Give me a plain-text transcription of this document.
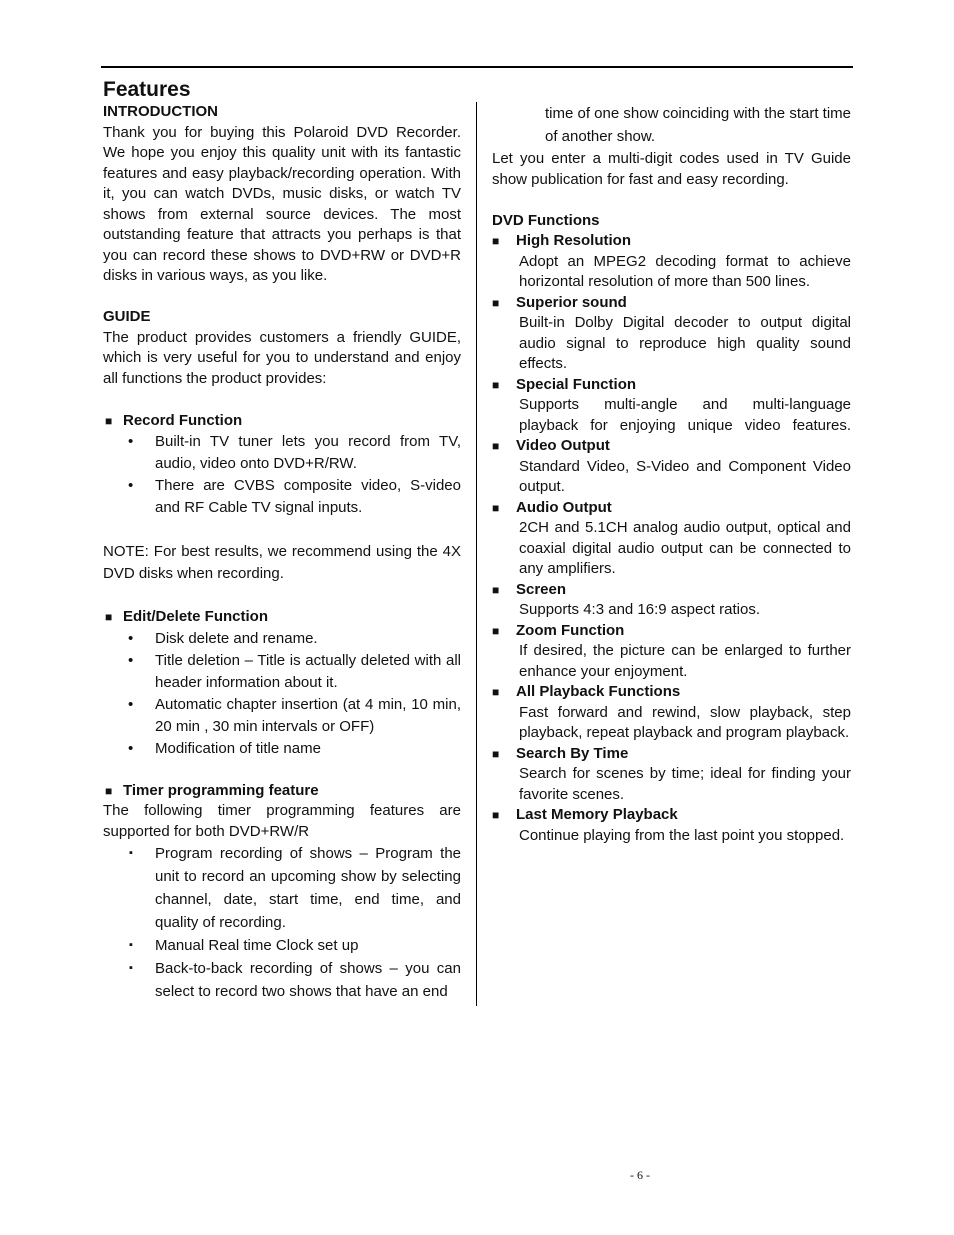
Features

INTRODUCTION

Thank you for buying this Polaroid DVD Recorder. We hope you enjoy this quality unit with its fantastic features and easy playback/recording operation. With it, you can watch DVDs, music disks, or watch TV shows from external source devices. The most outstanding feature that attracts you perhaps is that you can record these shows to DVD+RW or DVD+R disks in various ways, as you like.

GUIDE

The product provides customers a friendly GUIDE, which is very useful for you to understand and enjoy all functions the product provides:

■ Record Function
• Built-in TV tuner lets you record from TV, audio, video onto DVD+R/RW.
• There are CVBS composite video, S-video and RF Cable TV signal inputs.

NOTE: For best results, we recommend using the 4X DVD disks when recording.

■ Edit/Delete Function
• Disk delete and rename.
• Title deletion – Title is actually deleted with all header information about it.
• Automatic chapter insertion (at 4 min, 10 min, 20 min , 30 min intervals or OFF)
• Modification of title name
■ Timer programming feature

The following timer programming features are supported for both DVD+RW/R

▪ Program recording of shows – Program the unit to record an upcoming show by selecting channel, date, start time, end time, and quality of recording.
▪ Manual Real time Clock set up
▪ Back-to-back recording of shows – you can select to record two shows that have an end

time of one show coinciding with the start time of another show.

Let you enter a multi-digit codes used in TV Guide show publication for fast and easy recording.

DVD Functions

■ High Resolution

Adopt an MPEG2 decoding format to achieve horizontal resolution of more than 500 lines.

■ Superior sound

Built-in Dolby Digital decoder to output digital audio signal to reproduce high quality sound effects.

■ Special Function

Supports multi-angle and multi-language playback for enjoying unique video features.

■ Video Output

Standard Video, S-Video and Component Video output.

■ Audio Output

2CH and 5.1CH analog audio output, optical and coaxial digital audio output can be connected to any amplifiers.

■ Screen

Supports 4:3 and 16:9 aspect ratios.

■ Zoom Function

If desired, the picture can be enlarged to further enhance your enjoyment.

■ All Playback Functions

Fast forward and rewind, slow playback, step playback, repeat playback and program playback.

■ Search By Time

Search for scenes by time; ideal for finding your favorite scenes.

■ Last Memory Playback

Continue playing from the last point you stopped.

- 6 -
